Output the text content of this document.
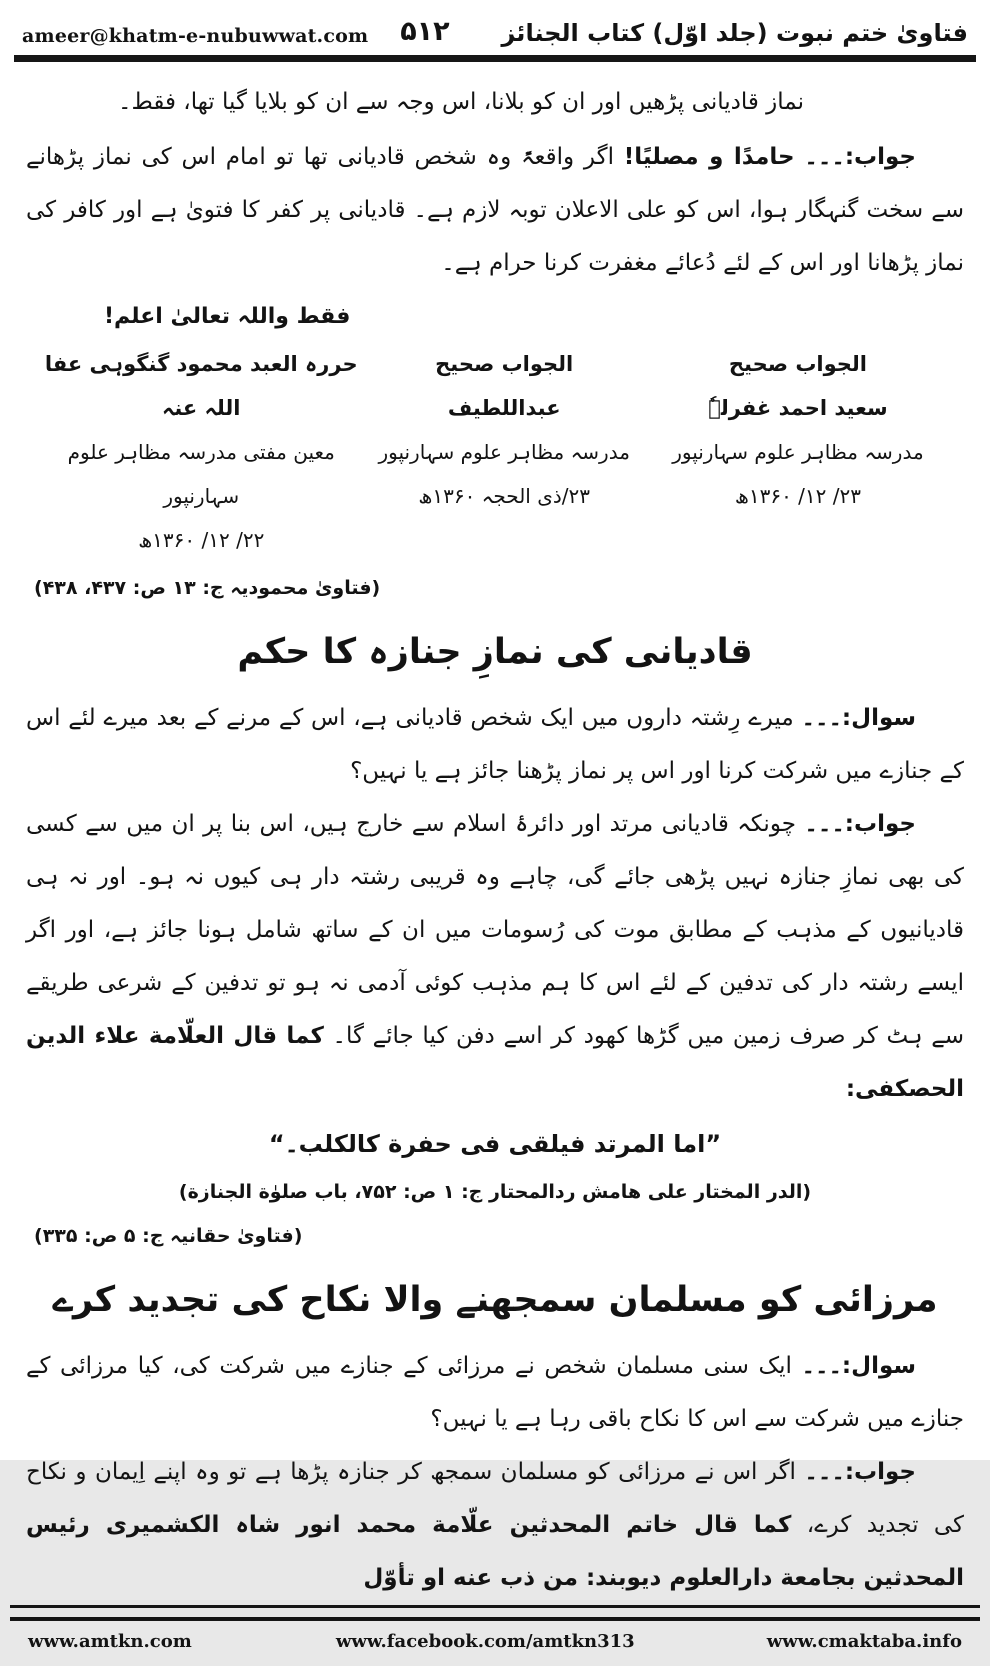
فتاویٰ ختم نبوت (جلد اوّل) کتاب الجنائز
۵۱۲
ameer@khatm-e-nubuwwat.com
نماز قادیانی پڑھیں اور ان کو بلانا، اس وجہ سے ان کو بلایا گیا تھا، فقط۔

جواب:۔۔۔ حامدًا و مصلیًا! اگر واقعۃً وہ شخص قادیانی تھا تو امام اس کی نماز پڑھانے سے سخت گنہگار ہوا، اس کو علی الاعلان توبہ لازم ہے۔ قادیانی پر کفر کا فتویٰ ہے اور کافر کی نماز پڑھانا اور اس کے لئے دُعائے مغفرت کرنا حرام ہے۔

فقط واللہ تعالیٰ اعلم!
الجواب صحیح
سعید احمد غفرلہٗ
مدرسہ مظاہر علوم سہارنپور
۲۳/ ۱۲/ ۱۳۶۰ھ
الجواب صحیح
عبداللطیف
مدرسہ مظاہر علوم سہارنپور
۲۳/ذی الحجہ ۱۳۶۰ھ
حررہ العبد محمود گنگوہی عفا اللہ عنہ
معین مفتی مدرسہ مظاہر علوم سہارنپور
۲۲/ ۱۲/ ۱۳۶۰ھ
(فتاویٰ محمودیہ ج: ۱۳ ص: ۴۳۷، ۴۳۸)
قادیانی کی نمازِ جنازہ کا حکم

سوال:۔۔۔ میرے رِشتہ داروں میں ایک شخص قادیانی ہے، اس کے مرنے کے بعد میرے لئے اس کے جنازے میں شرکت کرنا اور اس پر نماز پڑھنا جائز ہے یا نہیں؟

جواب:۔۔۔ چونکہ قادیانی مرتد اور دائرۂ اسلام سے خارج ہیں، اس بنا پر ان میں سے کسی کی بھی نمازِ جنازہ نہیں پڑھی جائے گی، چاہے وہ قریبی رشتہ دار ہی کیوں نہ ہو۔ اور نہ ہی قادیانیوں کے مذہب کے مطابق موت کی رُسومات میں ان کے ساتھ شامل ہونا جائز ہے، اور اگر ایسے رشتہ دار کی تدفین کے لئے اس کا ہم مذہب کوئی آدمی نہ ہو تو تدفین کے شرعی طریقے سے ہٹ کر صرف زمین میں گڑھا کھود کر اسے دفن کیا جائے گا۔ کما قال العلّامة علاء الدین الحصکفی:

”اما المرتد فیلقی فی حفرة کالکلب۔“
(الدر المختار علی هامش ردالمحتار ج: ۱ ص: ۷۵۲، باب صلوٰة الجنازة)
(فتاویٰ حقانیہ ج: ۵ ص: ۳۳۵)
مرزائی کو مسلمان سمجھنے والا نکاح کی تجدید کرے

سوال:۔۔۔ ایک سنی مسلمان شخص نے مرزائی کے جنازے میں شرکت کی، کیا مرزائی کے جنازے میں شرکت سے اس کا نکاح باقی رہا ہے یا نہیں؟

جواب:۔۔۔ اگر اس نے مرزائی کو مسلمان سمجھ کر جنازہ پڑھا ہے تو وہ اپنے اِیمان و نکاح کی تجدید کرے، کما قال خاتم المحدثین علّامة محمد انور شاہ الکشمیری رئیس المحدثین بجامعة دارالعلوم دیوبند: من ذب عنه او تأوّل

www.amtkn.com	www.facebook.com/amtkn313	www.cmaktaba.info
